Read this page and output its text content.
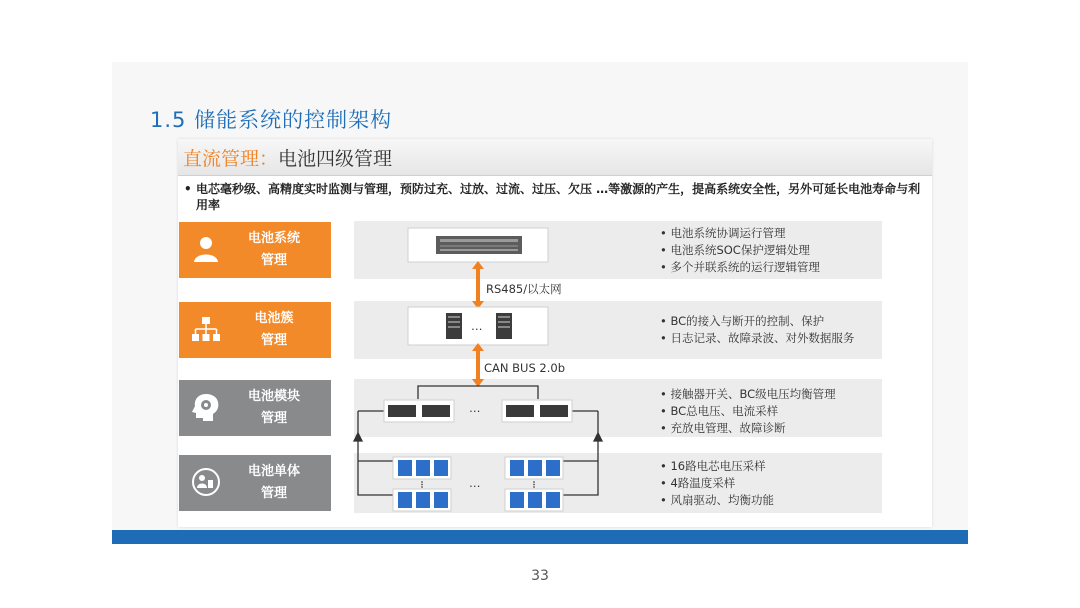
1.5 储能系统的控制架构
直流管理：电池四级管理
• 电芯毫秒级、高精度实时监测与管理，预防过充、过放、过流、过压、欠压 …等激源的产生，提高系统安全性，另外可延长电池寿命与利用率
电池系统
管理
电池簇
管理
电池模块
管理
电池单体
管理
…
…
…
RS485/以太网
CAN BUS 2.0b
• 电池系统协调运行管理
• 电池系统SOC保护逻辑处理
• 多个并联系统的运行逻辑管理
• BC的接入与断开的控制、保护
• 日志记录、故障录波、对外数据服务
• 接触器开关、BC级电压均衡管理
• BC总电压、电流采样
• 充放电管理、故障诊断
• 16路电芯电压采样
• 4路温度采样
• 风扇驱动、均衡功能
33
